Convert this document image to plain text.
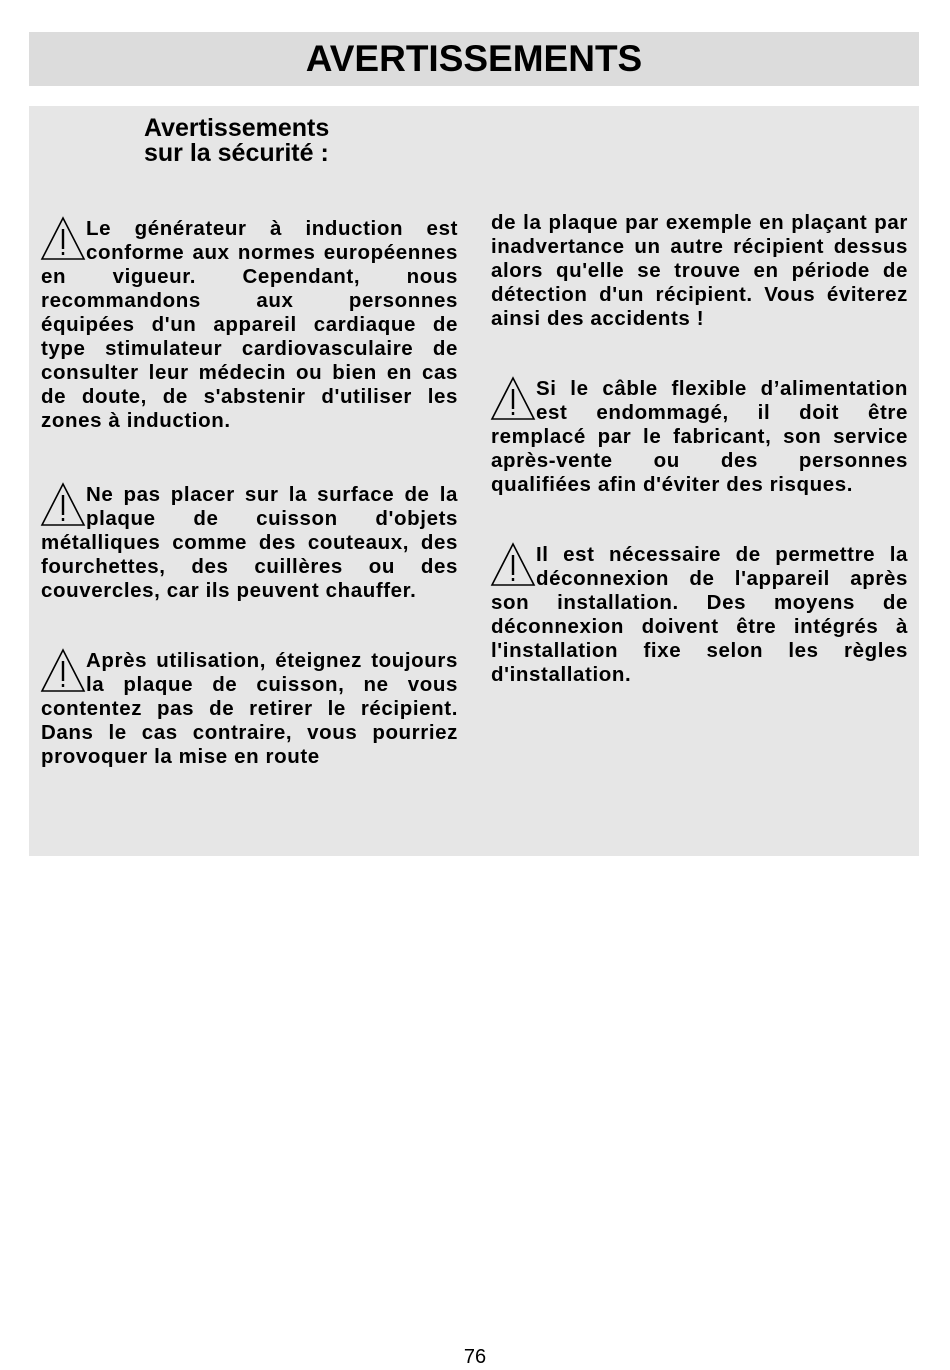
AVERTISSEMENTS
Avertissements
sur la sécurité :

Le générateur à induction est conforme aux normes européennes en vigueur. Cependant, nous recommandons aux personnes équipées d'un appareil cardiaque de type stimulateur cardiovasculaire de consulter leur médecin ou bien en cas de doute, de s'abstenir d'utiliser les zones à induction.

Ne pas placer sur la surface de la plaque de cuisson d'objets métalliques comme des couteaux, des fourchettes, des cuillères ou des couvercles, car ils peuvent chauffer.

Après utilisation, éteignez toujours la plaque de cuisson, ne vous contentez pas de retirer le récipient. Dans le cas contraire, vous pourriez provoquer la mise en route

de la plaque par exemple en plaçant par inadvertance un autre récipient dessus alors qu'elle se trouve en période de détection d'un récipient. Vous éviterez ainsi des accidents !

Si le câble flexible d’alimentation est endommagé, il doit être remplacé par le fabricant, son service après-vente ou des personnes qualifiées afin d'éviter des risques.

Il est nécessaire de permettre la déconnexion de l'appareil après son installation. Des moyens de déconnexion doivent être intégrés à l'installation fixe selon les règles d'installation.

76
